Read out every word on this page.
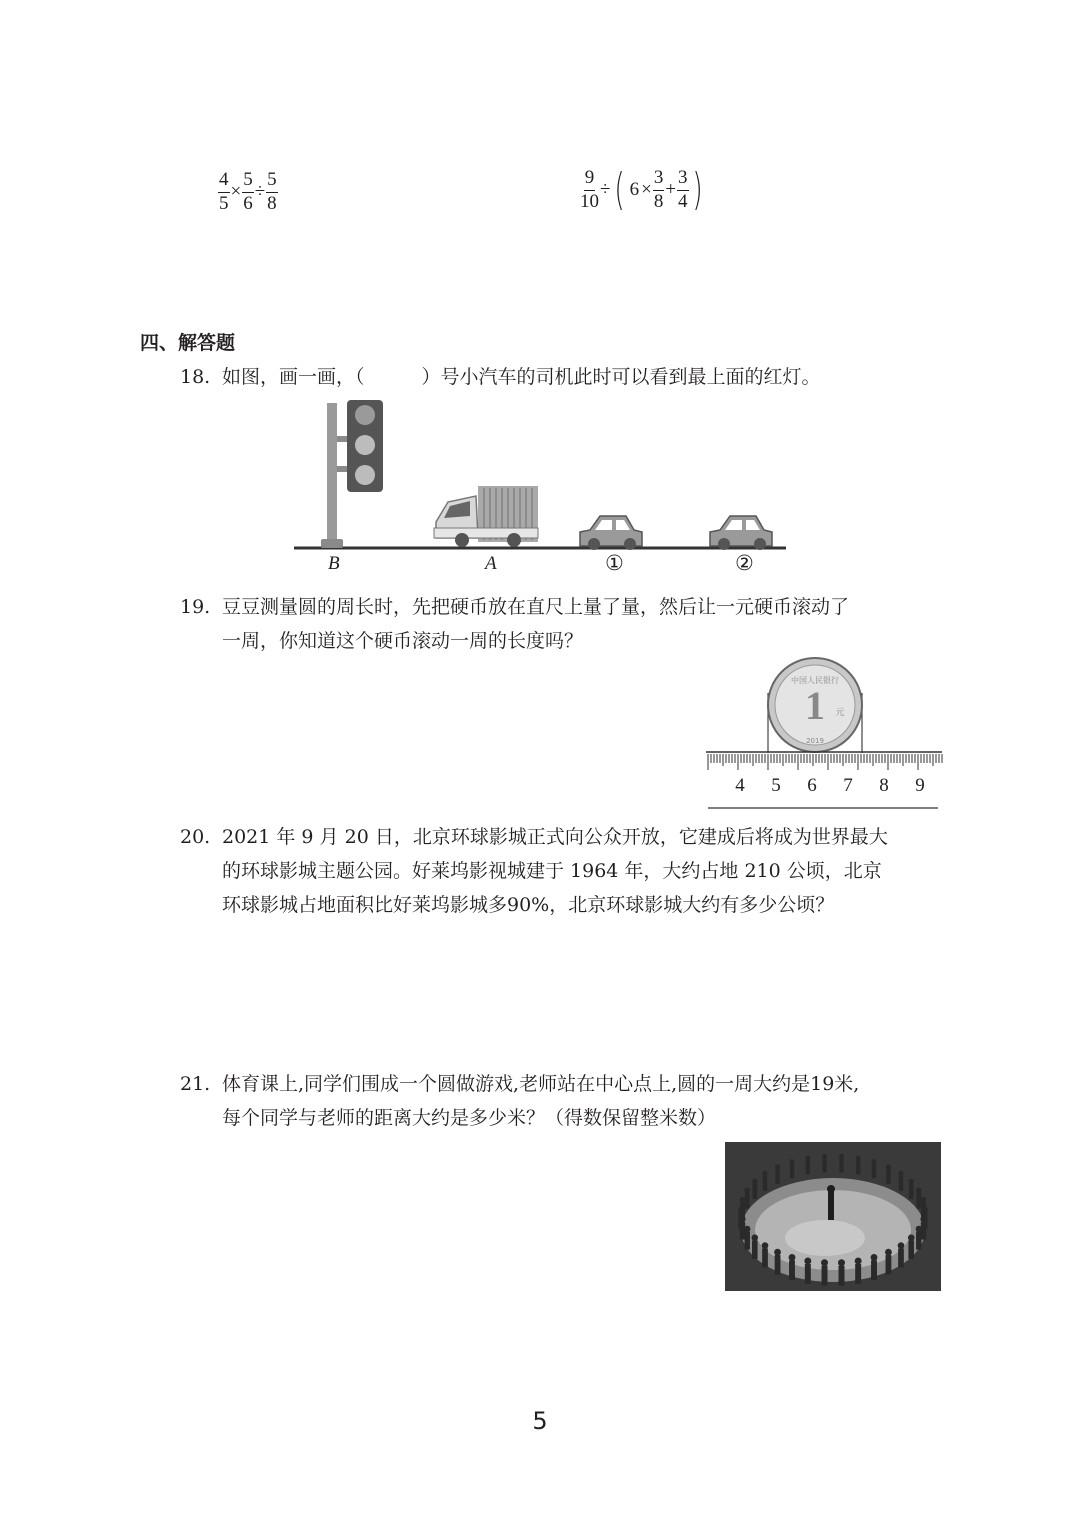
$\frac{4}{5} \times \frac{5}{6} \div \frac{5}{8}$	$\frac{9}{10}$ ÷ ( $6 \times \frac{3}{8} + \frac{3}{4}$ )
四、解答题
18. 如图，画一画，（　　　）号小汽车的司机此时可以看到最上面的红灯。
B	A	①	②
19. 豆豆测量圆的周长时，先把硬币放在直尺上量了量，然后让一元硬币滚动了
一周，你知道这个硬币滚动一周的长度吗？
1
中国人民银行
元
2019
4	5	6	7	8	9
20. 2021 年 9 月 20 日，北京环球影城正式向公众开放，它建成后将成为世界最大
的环球影城主题公园。好莱坞影视城建于 1964 年，大约占地 210 公顷，北京
环球影城占地面积比好莱坞影城多90%，北京环球影城大约有多少公顷？
21. 体育课上,同学们围成一个圆做游戏,老师站在中心点上,圆的一周大约是19米,
每个同学与老师的距离大约是多少米？（得数保留整米数）
5
